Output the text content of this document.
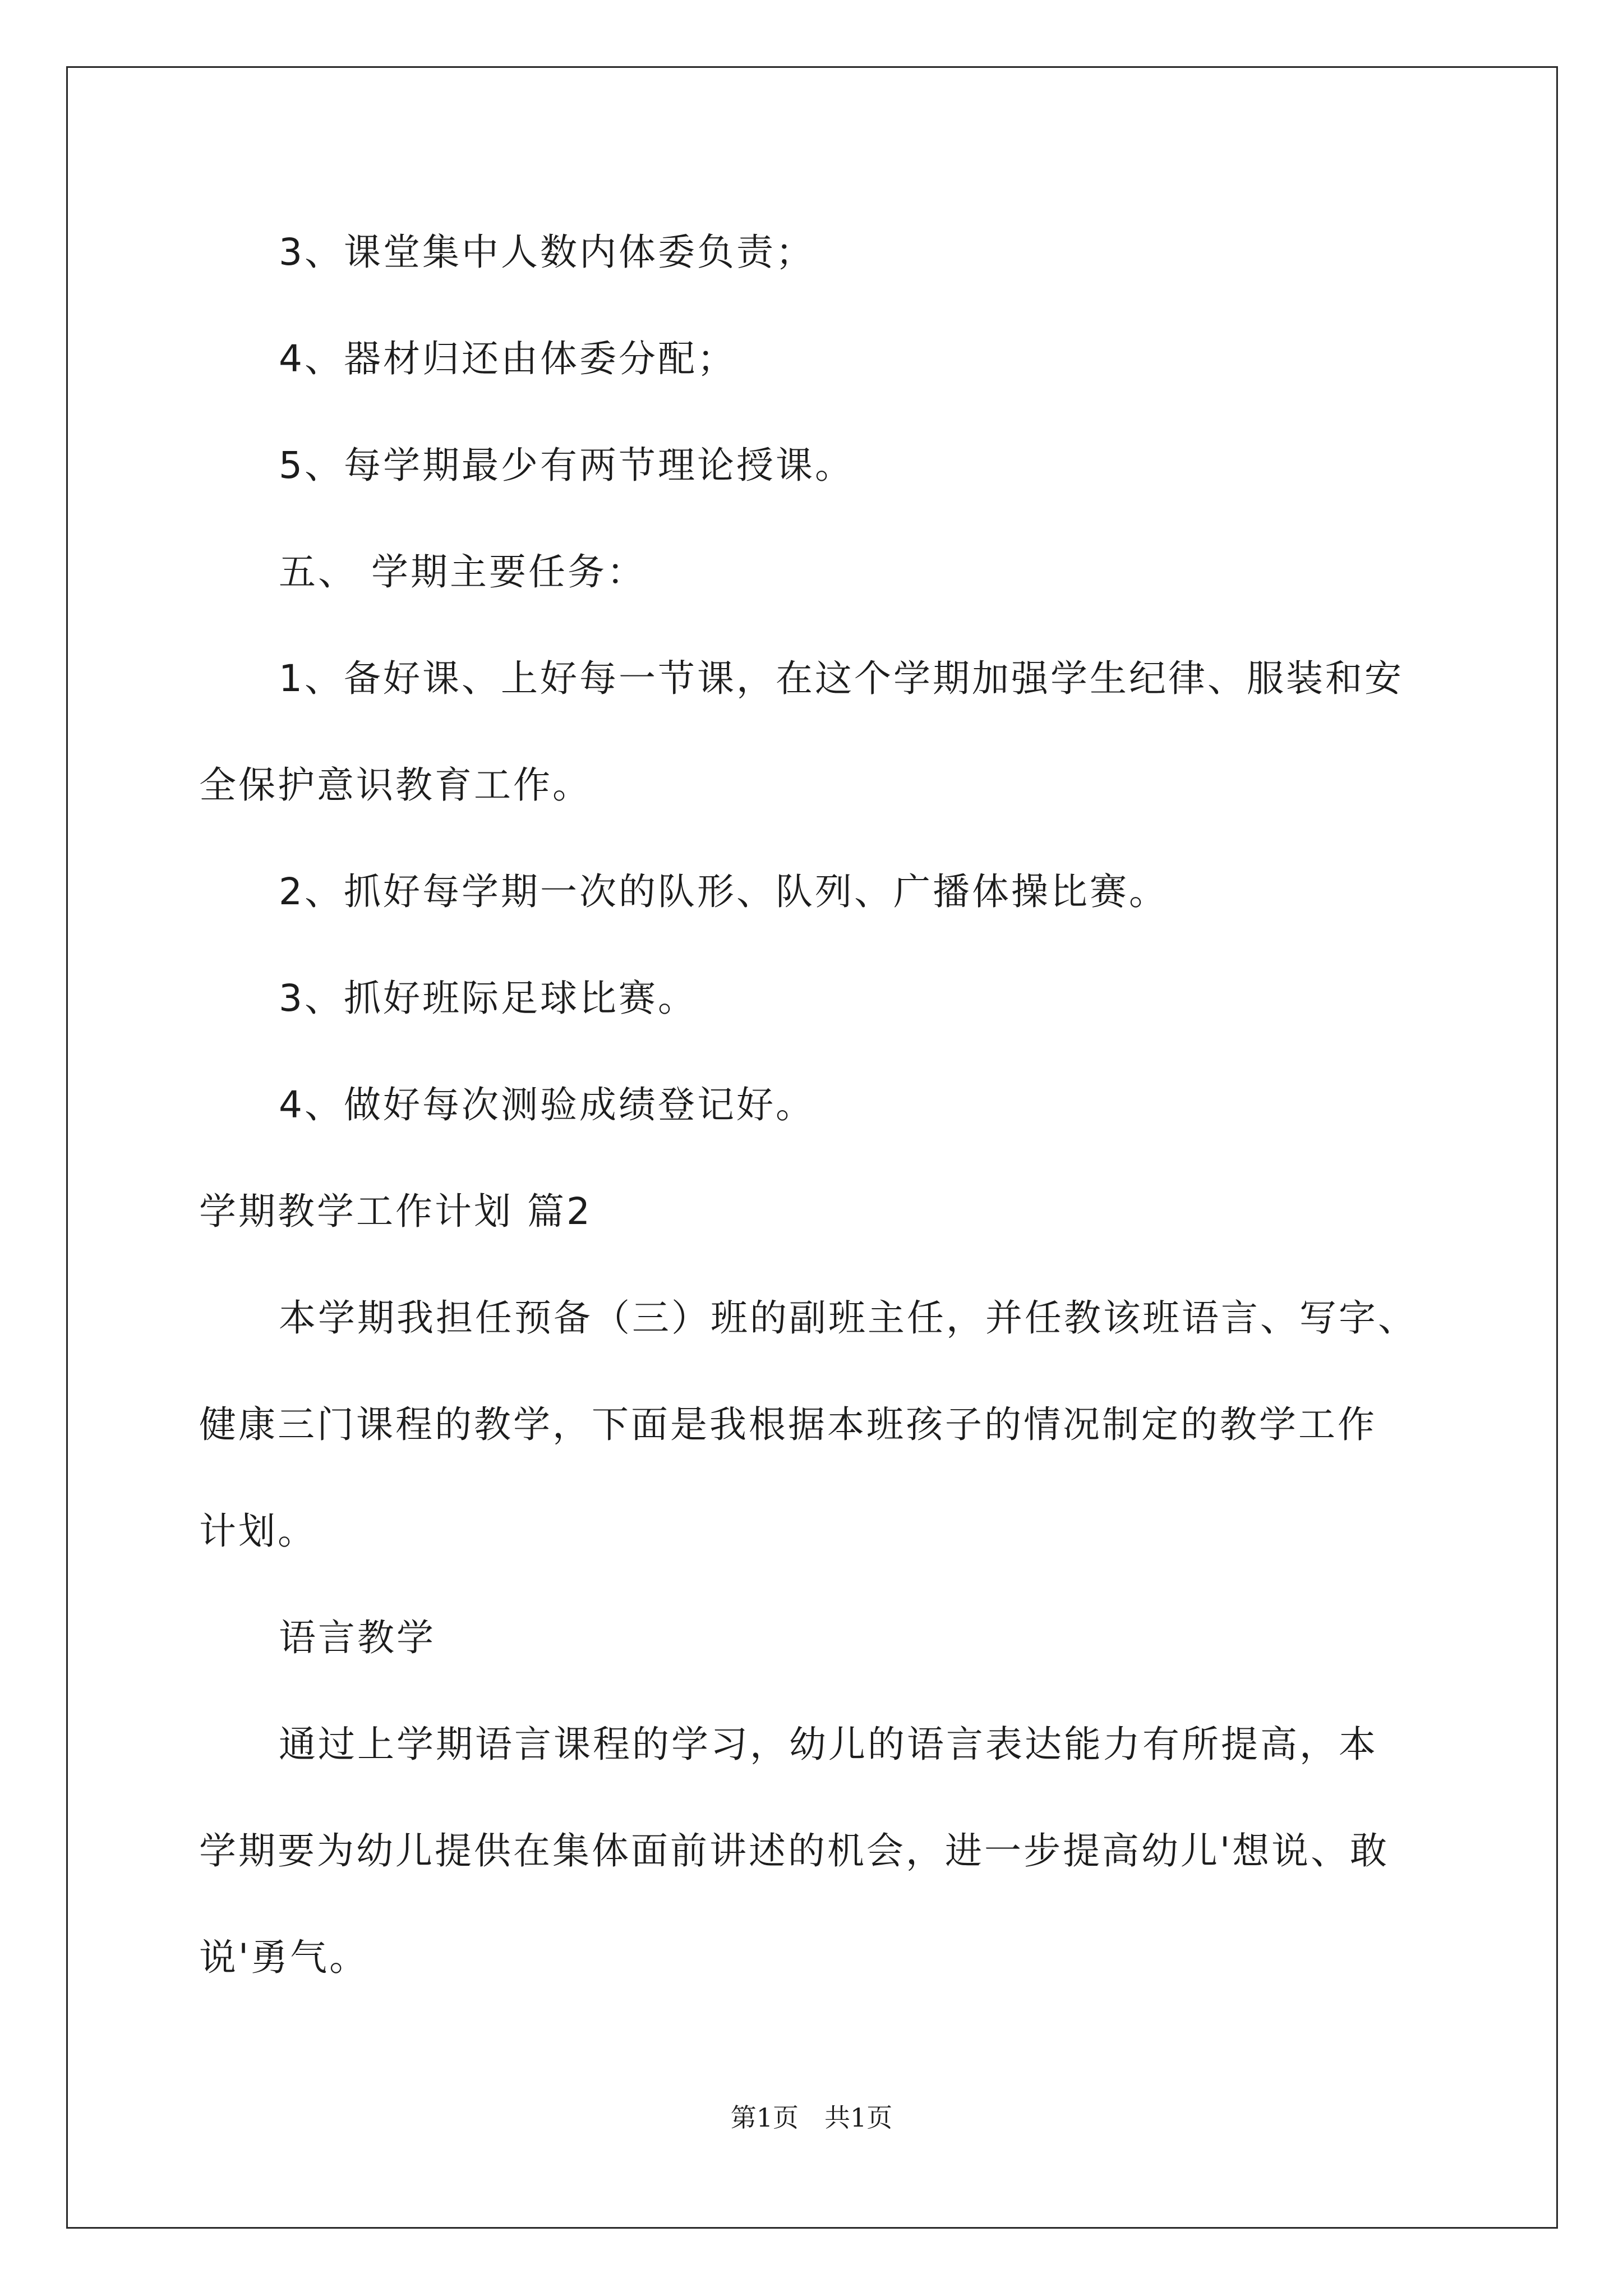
3、课堂集中人数内体委负责；
4、器材归还由体委分配；
5、每学期最少有两节理论授课。
五、 学期主要任务：
1、备好课、上好每一节课，在这个学期加强学生纪律、服装和安
全保护意识教育工作。
2、抓好每学期一次的队形、队列、广播体操比赛。
3、抓好班际足球比赛。
4、做好每次测验成绩登记好。
学期教学工作计划 篇2
本学期我担任预备（三）班的副班主任，并任教该班语言、写字、
健康三门课程的教学，下面是我根据本班孩子的情况制定的教学工作
计划。
语言教学
通过上学期语言课程的学习，幼儿的语言表达能力有所提高，本
学期要为幼儿提供在集体面前讲述的机会，进一步提高幼儿'想说、敢
说'勇气。
第1页　共1页
